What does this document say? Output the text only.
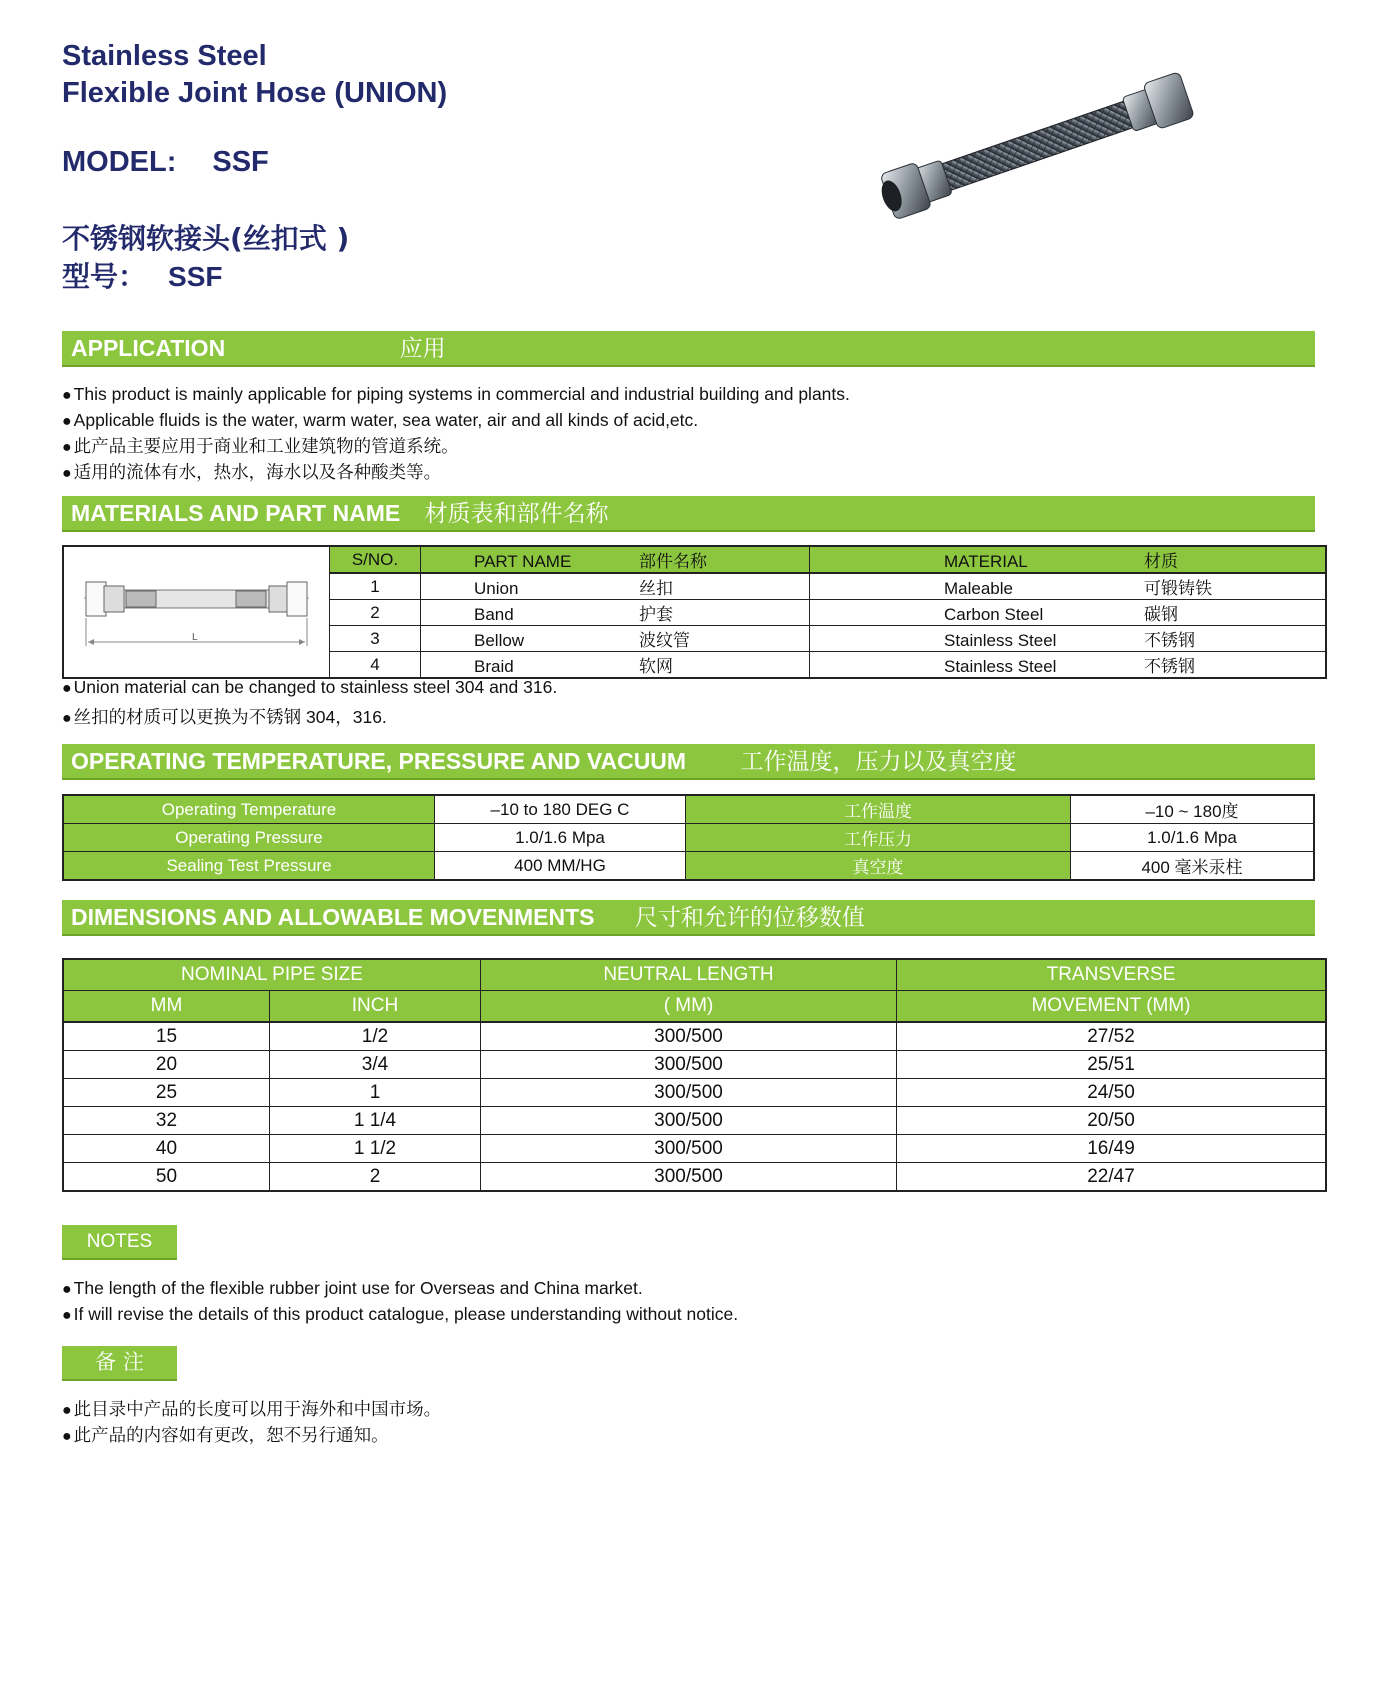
Stainless Steel
Flexible Joint Hose (UNION)
MODEL: SSF
不锈钢软接头(丝扣式 )
型号： SSF
APPLICATION	应用
● This product is mainly applicable for piping systems in commercial and industrial building and plants.
● Applicable fluids is the water, warm water, sea water, air and all kinds of acid,etc.
● 此产品主要应用于商业和工业建筑物的管道系统。
● 适用的流体有水，热水，海水以及各种酸类等。
MATERIALS AND PART NAME 材质表和部件名称
L	S/NO.	PART NAME 部件名称	MATERIAL 材质
	1	Union 丝扣	Maleable 可锻铸铁
	2	Band 护套	Carbon Steel 碳钢
	3	Bellow 波纹管	Stainless Steel 不锈钢
	4	Braid 软网	Stainless Steel 不锈钢
● Union material can be changed to stainless steel 304 and 316.
● 丝扣的材质可以更换为不锈钢 304，316.
OPERATING TEMPERATURE, PRESSURE AND VACUUM 工作温度，压力以及真空度
Operating Temperature	–10 to 180 DEG C	工作温度	–10 ~ 180度
Operating Pressure	1.0/1.6 Mpa	工作压力	1.0/1.6 Mpa
Sealing Test Pressure	400 MM/HG	真空度	400 毫米汞柱
DIMENSIONS AND ALLOWABLE MOVENMENTS 尺寸和允许的位移数值
NOMINAL PIPE SIZE		NEUTRAL LENGTH	TRANSVERSE
MM	INCH	( MM)	MOVEMENT (MM)
15	1/2	300/500	27/52
20	3/4	300/500	25/51
25	1	300/500	24/50
32	1 1/4	300/500	20/50
40	1 1/2	300/500	16/49
50	2	300/500	22/47
NOTES
● The length of the flexible rubber joint use for Overseas and China market.
● If will revise the details of this product catalogue, please understanding without notice.
备 注
● 此目录中产品的长度可以用于海外和中国市场。
● 此产品的内容如有更改，恕不另行通知。
